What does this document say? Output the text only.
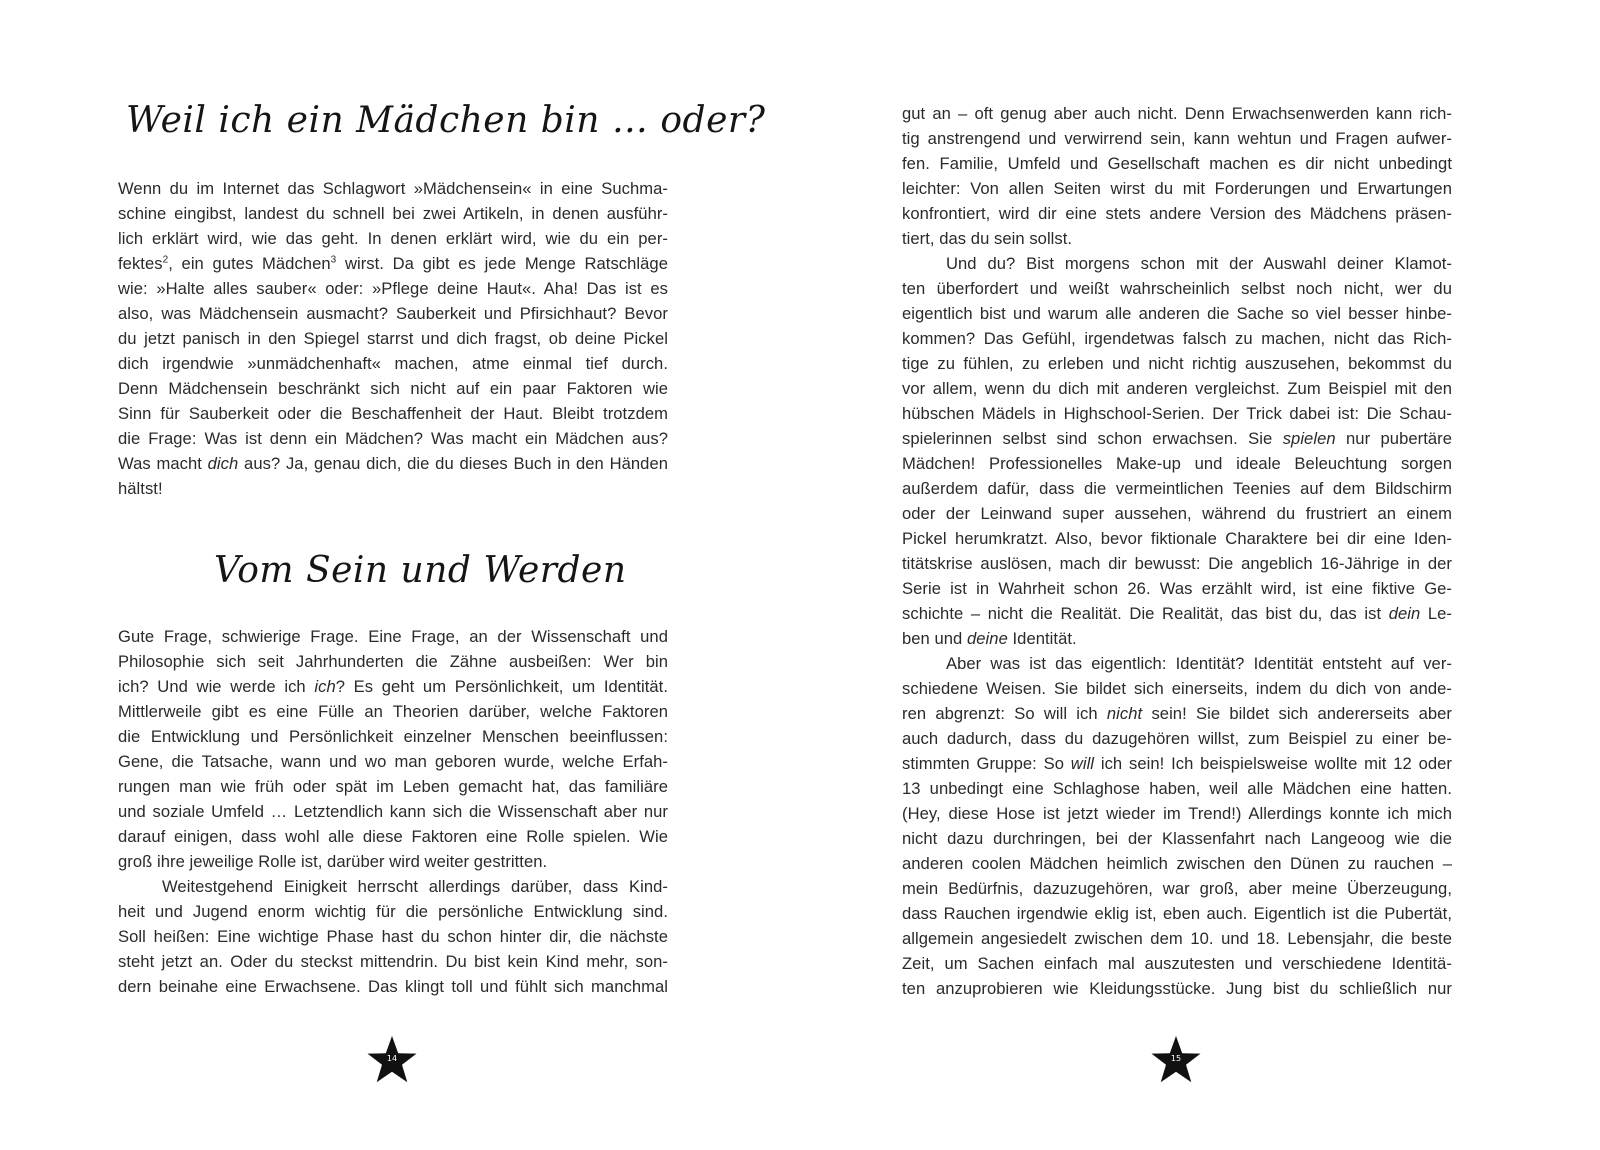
Weil ich ein Mädchen bin … oder?
Wenn du im Internet das Schlagwort »Mädchensein« in eine Suchma-
schine eingibst, landest du schnell bei zwei Artikeln, in denen ausführ-
lich erklärt wird, wie das geht. In denen erklärt wird, wie du ein per-
fektes$^2$, ein gutes Mädchen$^3$ wirst. Da gibt es jede Menge Ratschläge
wie: »Halte alles sauber« oder: »Pflege deine Haut«. Aha! Das ist es
also, was Mädchensein ausmacht? Sauberkeit und Pfirsichhaut? Bevor
du jetzt panisch in den Spiegel starrst und dich fragst, ob deine Pickel
dich irgendwie »unmädchenhaft« machen, atme einmal tief durch.
Denn Mädchensein beschränkt sich nicht auf ein paar Faktoren wie
Sinn für Sauberkeit oder die Beschaffenheit der Haut. Bleibt trotzdem
die Frage: Was ist denn ein Mädchen? Was macht ein Mädchen aus?
Was macht dich aus? Ja, genau dich, die du dieses Buch in den Händen
hältst!
Vom Sein und Werden
Gute Frage, schwierige Frage. Eine Frage, an der Wissenschaft und
Philosophie sich seit Jahrhunderten die Zähne ausbeißen: Wer bin
ich? Und wie werde ich ich? Es geht um Persönlichkeit, um Identität.
Mittlerweile gibt es eine Fülle an Theorien darüber, welche Faktoren
die Entwicklung und Persönlichkeit einzelner Menschen beeinflussen:
Gene, die Tatsache, wann und wo man geboren wurde, welche Erfah-
rungen man wie früh oder spät im Leben gemacht hat, das familiäre
und soziale Umfeld … Letztendlich kann sich die Wissenschaft aber nur
darauf einigen, dass wohl alle diese Faktoren eine Rolle spielen. Wie
groß ihre jeweilige Rolle ist, darüber wird weiter gestritten.
Weitestgehend Einigkeit herrscht allerdings darüber, dass Kind-
heit und Jugend enorm wichtig für die persönliche Entwicklung sind.
Soll heißen: Eine wichtige Phase hast du schon hinter dir, die nächste
steht jetzt an. Oder du steckst mittendrin. Du bist kein Kind mehr, son-
dern beinahe eine Erwachsene. Das klingt toll und fühlt sich manchmal
gut an – oft genug aber auch nicht. Denn Erwachsenwerden kann rich-
tig anstrengend und verwirrend sein, kann wehtun und Fragen aufwer-
fen. Familie, Umfeld und Gesellschaft machen es dir nicht unbedingt
leichter: Von allen Seiten wirst du mit Forderungen und Erwartungen
konfrontiert, wird dir eine stets andere Version des Mädchens präsen-
tiert, das du sein sollst.
Und du? Bist morgens schon mit der Auswahl deiner Klamot-
ten überfordert und weißt wahrscheinlich selbst noch nicht, wer du
eigentlich bist und warum alle anderen die Sache so viel besser hinbe-
kommen? Das Gefühl, irgendetwas falsch zu machen, nicht das Rich-
tige zu fühlen, zu erleben und nicht richtig auszusehen, bekommst du
vor allem, wenn du dich mit anderen vergleichst. Zum Beispiel mit den
hübschen Mädels in Highschool-Serien. Der Trick dabei ist: Die Schau-
spielerinnen selbst sind schon erwachsen. Sie spielen nur pubertäre
Mädchen! Professionelles Make-up und ideale Beleuchtung sorgen
außerdem dafür, dass die vermeintlichen Teenies auf dem Bildschirm
oder der Leinwand super aussehen, während du frustriert an einem
Pickel herumkratzt. Also, bevor fiktionale Charaktere bei dir eine Iden-
titätskrise auslösen, mach dir bewusst: Die angeblich 16-Jährige in der
Serie ist in Wahrheit schon 26. Was erzählt wird, ist eine fiktive Ge-
schichte – nicht die Realität. Die Realität, das bist du, das ist dein Le-
ben und deine Identität.
Aber was ist das eigentlich: Identität? Identität entsteht auf ver-
schiedene Weisen. Sie bildet sich einerseits, indem du dich von ande-
ren abgrenzt: So will ich nicht sein! Sie bildet sich andererseits aber
auch dadurch, dass du dazugehören willst, zum Beispiel zu einer be-
stimmten Gruppe: So will ich sein! Ich beispielsweise wollte mit 12 oder
13 unbedingt eine Schlaghose haben, weil alle Mädchen eine hatten.
(Hey, diese Hose ist jetzt wieder im Trend!) Allerdings konnte ich mich
nicht dazu durchringen, bei der Klassenfahrt nach Langeoog wie die
anderen coolen Mädchen heimlich zwischen den Dünen zu rauchen –
mein Bedürfnis, dazuzugehören, war groß, aber meine Überzeugung,
dass Rauchen irgendwie eklig ist, eben auch. Eigentlich ist die Pubertät,
allgemein angesiedelt zwischen dem 10. und 18. Lebensjahr, die beste
Zeit, um Sachen einfach mal auszutesten und verschiedene Identitä-
ten anzuprobieren wie Kleidungsstücke. Jung bist du schließlich nur
14	15
